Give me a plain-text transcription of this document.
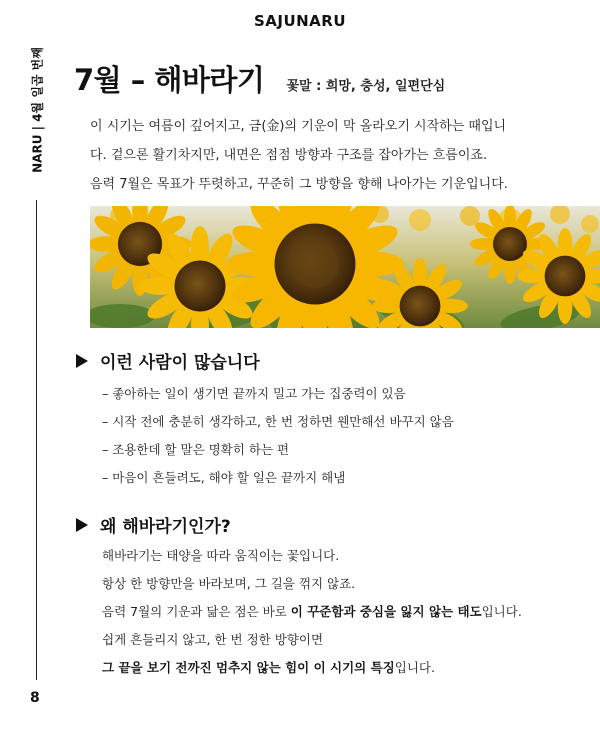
SAJUNARU
NARU | 4월 일곱 번째
8
7월 – 해바라기 꽃말 : 희망, 충성, 일편단심

이 시기는 여름이 깊어지고, 금(金)의 기운이 막 올라오기 시작하는 때입니

다. 겉으론 활기차지만, 내면은 점점 방향과 구조를 잡아가는 흐름이죠.

음력 7월은 목표가 뚜렷하고, 꾸준히 그 방향을 향해 나아가는 기운입니다.

이런 사람이 많습니다
– 좋아하는 일이 생기면 끝까지 밀고 가는 집중력이 있음
– 시작 전에 충분히 생각하고, 한 번 정하면 웬만해선 바꾸지 않음
– 조용한데 할 말은 명확히 하는 편
– 마음이 흔들려도, 해야 할 일은 끝까지 해냄
왜 해바라기인가?

해바라기는 태양을 따라 움직이는 꽃입니다.

항상 한 방향만을 바라보며, 그 길을 꺾지 않죠.

음력 7월의 기운과 닮은 점은 바로 이 꾸준함과 중심을 잃지 않는 태도입니다.

쉽게 흔들리지 않고, 한 번 정한 방향이면

그 끝을 보기 전까진 멈추지 않는 힘이 이 시기의 특징입니다.
